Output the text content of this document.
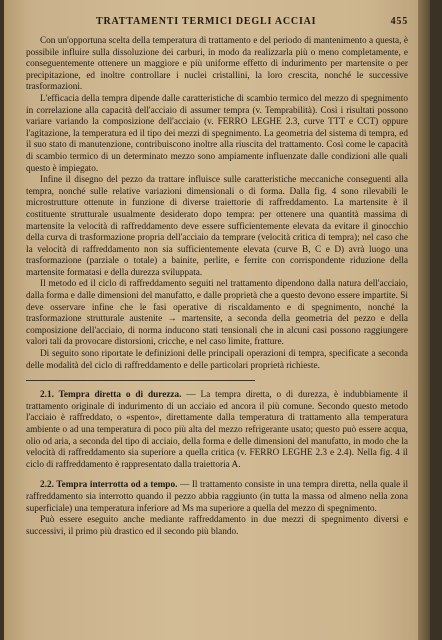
TRATTAMENTI TERMICI DEGLI ACCIAI	455

Con un'opportuna scelta della temperatura di trattamento e del periodo di mantenimento a questa, è possibile influire sulla dissoluzione dei carburi, in modo da realizzarla più o meno completamente, e conseguentemente ottenere un maggiore e più uniforme effetto di indurimento per martensite o per precipitazione, ed inoltre controllare i nuclei cristallini, la loro crescita, nonché le successive trasformazioni.

L'efficacia della tempra dipende dalle caratteristiche di scambio termico del mezzo di spegnimento in correlazione alla capacità dell'acciaio di assumer tempra (v. Temprabilità). Così i risultati possono variare variando la composizione dell'acciaio (v. FERRO LEGHE 2.3, curve TTT e CCT) oppure l'agitazione, la temperatura ed il tipo dei mezzi di spegnimento. La geometria del sistema di tempra, ed il suo stato di manutenzione, contribuiscono inoltre alla riuscita del trattamento. Così come le capacità di scambio termico di un determinato mezzo sono ampiamente influenzate dalle condizioni alle quali questo è impiegato.

Infine il disegno del pezzo da trattare influisce sulle caratteristiche meccaniche conseguenti alla tempra, nonché sulle relative variazioni dimensionali o di forma. Dalla fig. 4 sono rilevabili le microstrutture ottenute in funzione di diverse traiettorie di raffreddamento. La martensite è il costituente strutturale usualmente desiderato dopo tempra: per ottenere una quantità massima di martensite la velocità di raffreddamento deve essere sufficientemente elevata da evitare il ginocchio della curva di trasformazione propria dell'acciaio da temprare (velocità critica di tempra); nel caso che la velocità di raffreddamento non sia sufficientemente elevata (curve B, C e D) avrà luogo una trasformazione (parziale o totale) a bainite, perlite, e ferrite con corrispondente riduzione della martensite formatasi e della durezza sviluppata.

Il metodo ed il ciclo di raffreddamento seguiti nel trattamento dipendono dalla natura dell'acciaio, dalla forma e dalle dimensioni del manufatto, e dalle proprietà che a questo devono essere impartite. Si deve osservare infine che le fasi operative di riscaldamento e di spegnimento, nonché la trasformazione strutturale austenite → martensite, a seconda della geometria del pezzo e della composizione dell'acciaio, di norma inducono stati tensionali che in alcuni casi possono raggiungere valori tali da provocare distorsioni, cricche, e nel caso limite, fratture.

Di seguito sono riportate le definizioni delle principali operazioni di tempra, specificate a seconda delle modalità del ciclo di raffreddamento e delle particolari proprietà richieste.

2.1. Tempra diretta o di durezza. — La tempra diretta, o di durezza, è indubbiamente il trattamento originale di indurimento di un acciaio ed ancora il più comune. Secondo questo metodo l'acciaio è raffreddato, o «spento», direttamente dalla temperatura di trattamento alla temperatura ambiente o ad una temperatura di poco più alta del mezzo refrigerante usato; questo può essere acqua, olio od aria, a seconda del tipo di acciaio, della forma e delle dimensioni del manufatto, in modo che la velocità di raffreddamento sia superiore a quella critica (v. FERRO LEGHE 2.3 e 2.4). Nella fig. 4 il ciclo di raffreddamento è rappresentato dalla traiettoria A.

2.2. Tempra interrotta od a tempo. — Il trattamento consiste in una tempra diretta, nella quale il raffreddamento sia interrotto quando il pezzo abbia raggiunto (in tutta la massa od almeno nella zona superficiale) una temperatura inferiore ad Ms ma superiore a quella del mezzo di spegnimento.

Può essere eseguito anche mediante raffreddamento in due mezzi di spegnimento diversi e successivi, il primo più drastico ed il secondo più blando.
